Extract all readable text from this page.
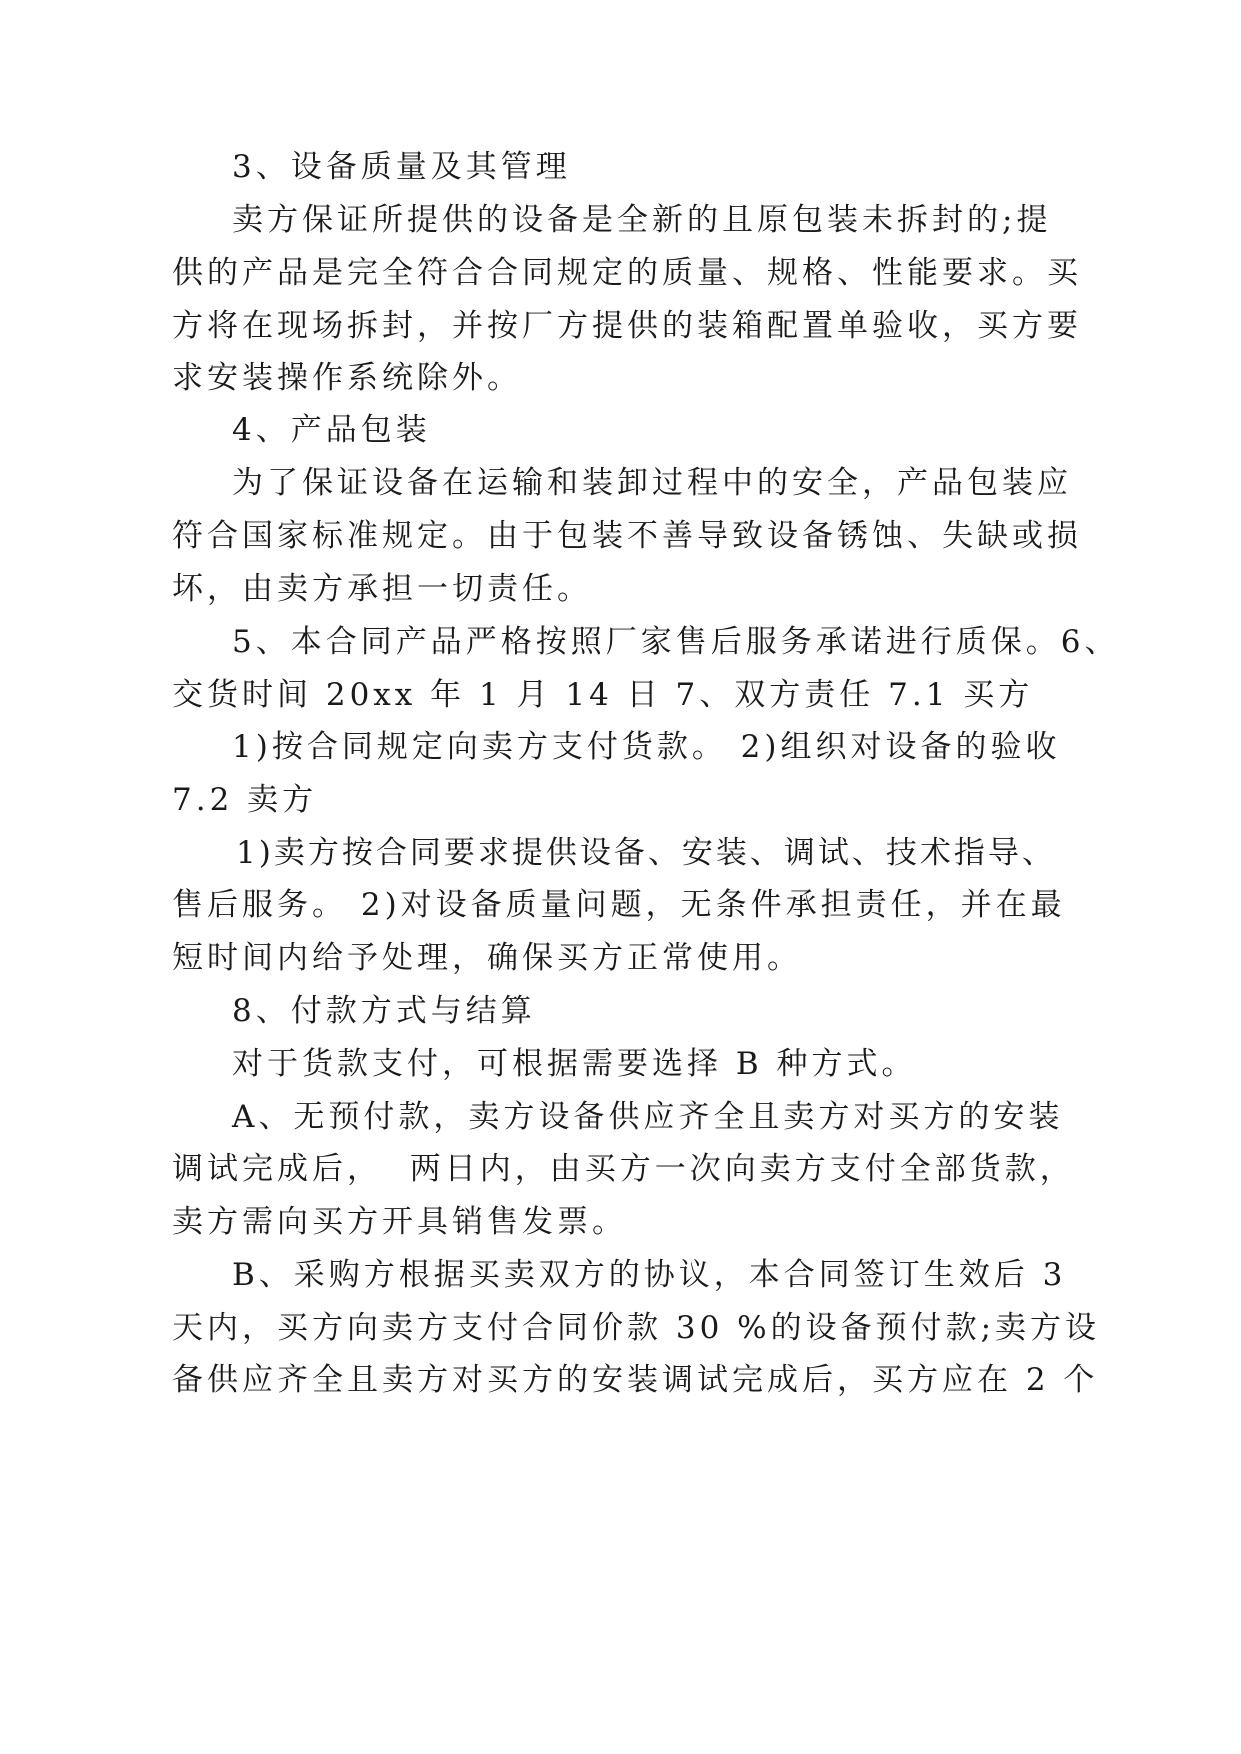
3、设备质量及其管理
卖方保证所提供的设备是全新的且原包装未拆封的;提
供的产品是完全符合合同规定的质量、规格、性能要求。买
方将在现场拆封，并按厂方提供的装箱配置单验收，买方要
求安装操作系统除外。
4、产品包装
为了保证设备在运输和装卸过程中的安全，产品包装应
符合国家标准规定。由于包装不善导致设备锈蚀、失缺或损
坏，由卖方承担一切责任。
5、本合同产品严格按照厂家售后服务承诺进行质保。6、
交货时间 20xx 年 1 月 14 日 7、双方责任 7.1 买方
1)按合同规定向卖方支付货款。 2)组织对设备的验收
7.2 卖方
1)卖方按合同要求提供设备、安装、调试、技术指导、
售后服务。 2)对设备质量问题，无条件承担责任，并在最
短时间内给予处理，确保买方正常使用。
8、付款方式与结算
对于货款支付，可根据需要选择 B 种方式。
A、无预付款，卖方设备供应齐全且卖方对买方的安装
调试完成后，  两日内，由买方一次向卖方支付全部货款，
卖方需向买方开具销售发票。
B、采购方根据买卖双方的协议，本合同签订生效后 3
天内，买方向卖方支付合同价款 30 %的设备预付款;卖方设
备供应齐全且卖方对买方的安装调试完成后，买方应在 2 个
